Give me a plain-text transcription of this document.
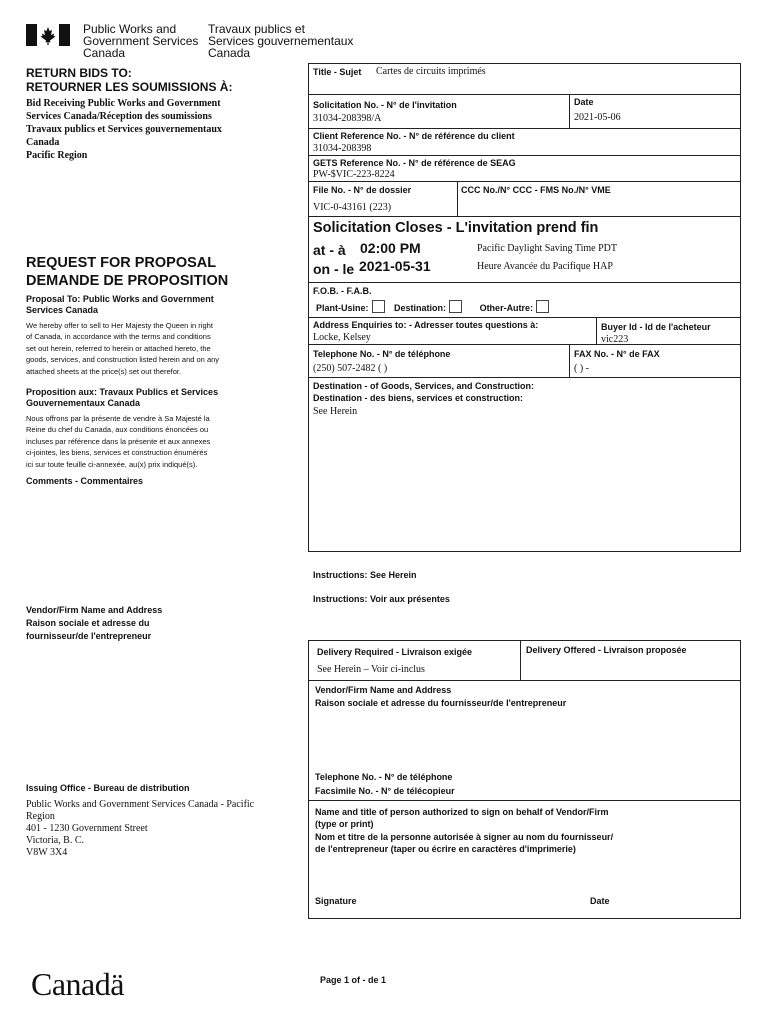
Public Works and
Government Services
Canada
Travaux publics et
Services gouvernementaux
Canada
RETURN BIDS TO:
RETOURNER LES SOUMISSIONS À:
Bid Receiving Public Works and Government
Services Canada/Réception des soumissions
Travaux publics et Services gouvernementaux
Canada
Pacific Region
REQUEST FOR PROPOSAL
DEMANDE DE PROPOSITION
Proposal To: Public Works and Government
Services Canada
We hereby offer to sell to Her Majesty the Queen in right
of Canada, in accordance with the terms and conditions
set out herein, referred to herein or attached hereto, the
goods, services, and construction listed herein and on any
attached sheets at the price(s) set out therefor.
Proposition aux: Travaux Publics et Services
Gouvernementaux Canada
Nous offrons par la présente de vendre à Sa Majesté la
Reine du chef du Canada, aux conditions énoncées ou
incluses par référence dans la présente et aux annexes
ci-jointes, les biens, services et construction énumérés
ici sur toute feuille ci-annexée, au(x) prix indiqué(s).
Comments - Commentaires
Vendor/Firm Name and Address
Raison sociale et adresse du
fournisseur/de l'entrepreneur
Issuing Office - Bureau de distribution
Public Works and Government Services Canada - Pacific
Region
401 - 1230 Government Street
Victoria, B. C.
V8W 3X4
Title - Sujet Cartes de circuits imprimés
Solicitation No. - N° de l'invitation
31034-208398/A
Date
2021-05-06
Client Reference No. - N° de référence du client
31034-208398
GETS Reference No. - N° de référence de SEAG
PW-$VIC-223-8224
File No. - N° de dossier
VIC-0-43161 (223)
CCC No./N° CCC - FMS No./N° VME
Solicitation Closes - L'invitation prend fin
at - à 02:00 PM
on - le 2021-05-31
Pacific Daylight Saving Time PDT
Heure Avancée du Pacifique HAP
F.O.B. - F.A.B.
Plant-Usine:	Destination:	Other-Autre:
Address Enquiries to: - Adresser toutes questions à:
Locke, Kelsey
Buyer Id - Id de l'acheteur
vic223
Telephone No. - N° de téléphone
(250) 507-2482 ( )
FAX No. - N° de FAX
( ) -
Destination - of Goods, Services, and Construction:
Destination - des biens, services et construction:
See Herein
Instructions: See Herein
Instructions: Voir aux présentes
Delivery Required - Livraison exigée
See Herein – Voir ci-inclus
Delivery Offered - Livraison proposée
Vendor/Firm Name and Address
Raison sociale et adresse du fournisseur/de l'entrepreneur
Telephone No. - N° de téléphone
Facsimile No. - N° de télécopieur
Name and title of person authorized to sign on behalf of Vendor/Firm
(type or print)
Nom et titre de la personne autorisée à signer au nom du fournisseur/
de l'entrepreneur (taper ou écrire en caractères d'imprimerie)
Signature	Date
Canadä	Page 1 of - de 1
